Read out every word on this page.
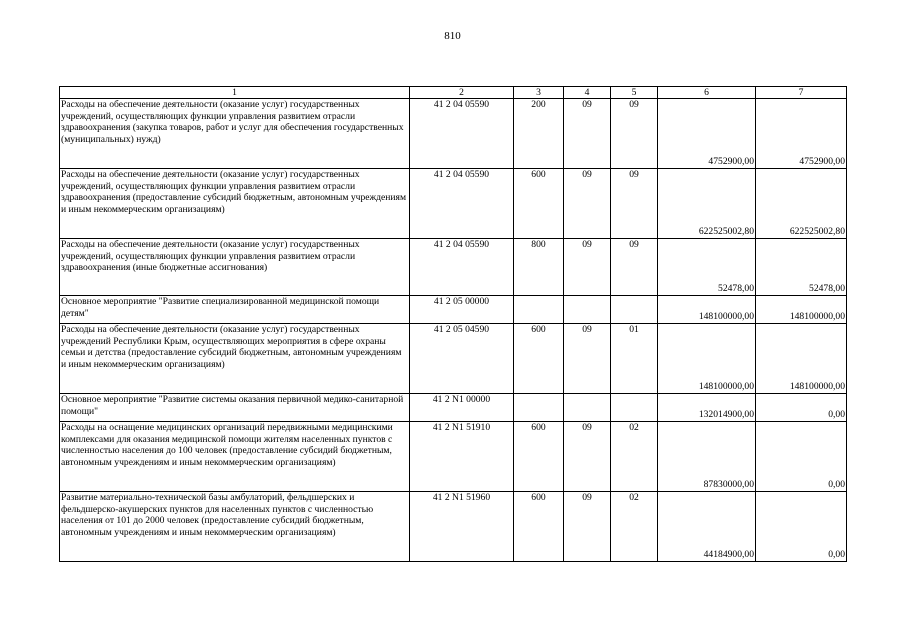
810
1	2	3	4	5	6	7
Расходы на обеспечение деятельности (оказание услуг) государственных учреждений, осуществляющих функции управления развитием отрасли здравоохранения (закупка товаров, работ и услуг для обеспечения государственных (муниципальных) нужд)	41 2 04 05590	200	09	09	4752900,00	4752900,00
Расходы на обеспечение деятельности (оказание услуг) государственных учреждений, осуществляющих функции управления развитием отрасли здравоохранения (предоставление субсидий бюджетным, автономным учреждениям и иным некоммерческим организациям)	41 2 04 05590	600	09	09	622525002,80	622525002,80
Расходы на обеспечение деятельности (оказание услуг) государственных учреждений, осуществляющих функции управления развитием отрасли здравоохранения (иные бюджетные ассигнования)	41 2 04 05590	800	09	09	52478,00	52478,00
Основное мероприятие "Развитие специализированной медицинской помощи детям"	41 2 05 00000				148100000,00	148100000,00
Расходы на обеспечение деятельности (оказание услуг) государственных учреждений Республики Крым, осуществляющих мероприятия в сфере охраны семьи и детства (предоставление субсидий бюджетным, автономным учреждениям и иным некоммерческим организациям)	41 2 05 04590	600	09	01	148100000,00	148100000,00
Основное мероприятие "Развитие системы оказания первичной медико-санитарной помощи"	41 2 N1 00000				132014900,00	0,00
Расходы на оснащение медицинских организаций передвижными медицинскими комплексами для оказания медицинской помощи жителям населенных пунктов с численностью населения до 100 человек (предоставление субсидий бюджетным, автономным учреждениям и иным некоммерческим организациям)	41 2 N1 51910	600	09	02	87830000,00	0,00
Развитие материально-технической базы амбулаторий, фельдшерских и фельдшерско-акушерских пунктов для населенных пунктов с численностью населения от 101 до 2000 человек (предоставление субсидий бюджетным, автономным учреждениям и иным некоммерческим организациям)	41 2 N1 51960	600	09	02	44184900,00	0,00
